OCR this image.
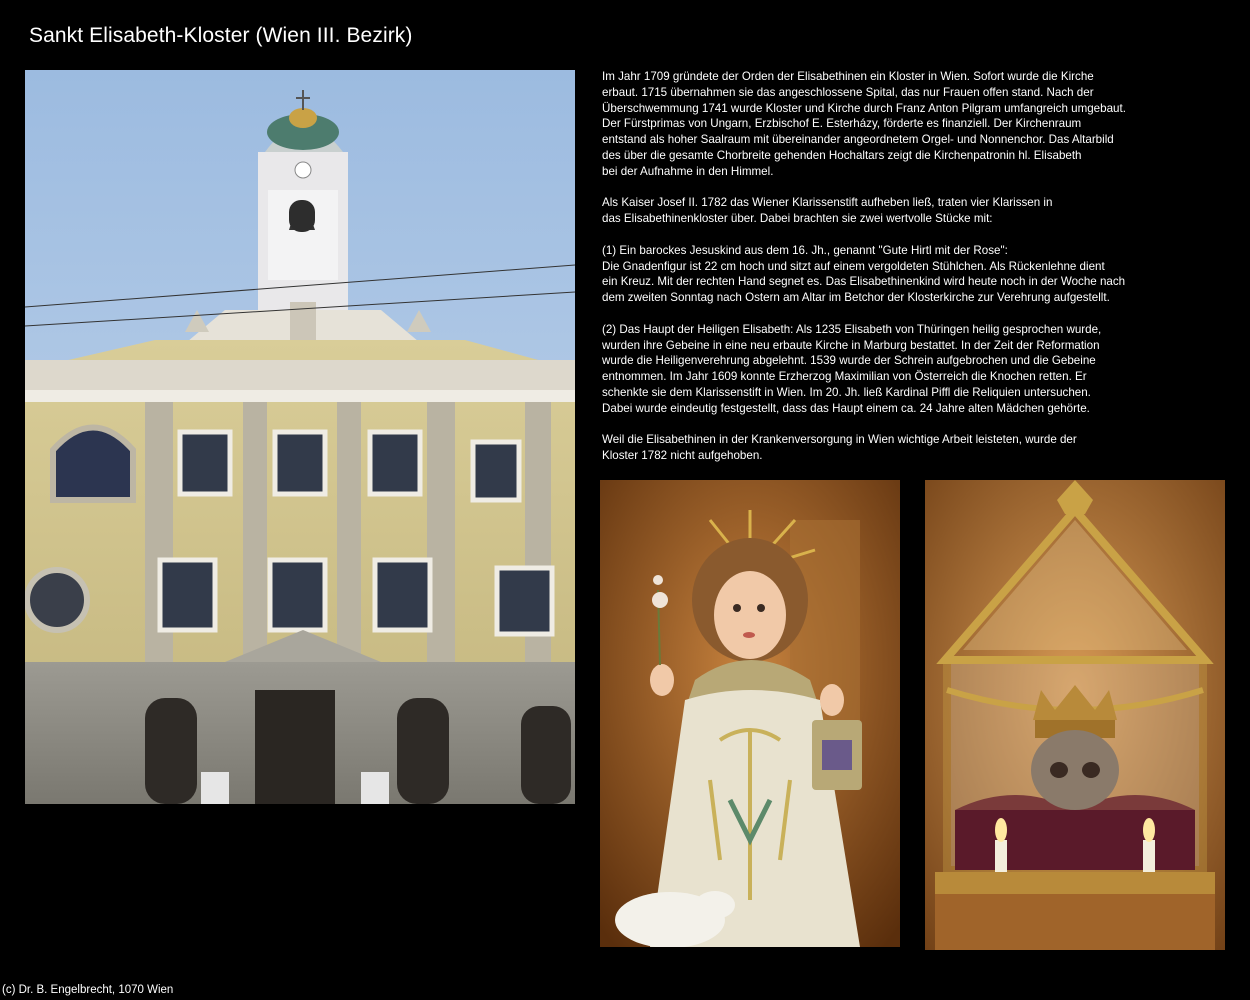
Sankt Elisabeth-Kloster (Wien III. Bezirk)

Im Jahr 1709 gründete der Orden der Elisabethinen ein Kloster in Wien. Sofort wurde die Kirche
erbaut. 1715 übernahmen sie das angeschlossene Spital, das nur Frauen offen stand. Nach der
Überschwemmung 1741 wurde Kloster und Kirche durch Franz Anton Pilgram umfangreich umgebaut.
Der Fürstprimas von Ungarn, Erzbischof E. Esterházy, förderte es finanziell. Der Kirchenraum
entstand als hoher Saalraum mit übereinander angeordnetem Orgel- und Nonnenchor. Das Altarbild
des über die gesamte Chorbreite gehenden Hochaltars zeigt die Kirchenpatronin hl. Elisabeth
bei der Aufnahme in den Himmel.

Als Kaiser Josef II. 1782 das Wiener Klarissenstift aufheben ließ, traten vier Klarissen in
das Elisabethinenkloster über. Dabei brachten sie zwei wertvolle Stücke mit:

(1) Ein barockes Jesuskind aus dem 16. Jh., genannt "Gute Hirtl mit der Rose":
Die Gnadenfigur ist 22 cm hoch und sitzt auf einem vergoldeten Stühlchen. Als Rückenlehne dient
ein Kreuz. Mit der rechten Hand segnet es. Das Elisabethinenkind wird heute noch in der Woche nach
dem zweiten Sonntag nach Ostern am Altar im Betchor der Klosterkirche zur Verehrung aufgestellt.

(2) Das Haupt der Heiligen Elisabeth: Als 1235 Elisabeth von Thüringen heilig gesprochen wurde,
wurden ihre Gebeine in eine neu erbaute Kirche in Marburg bestattet. In der Zeit der Reformation
wurde die Heiligenverehrung abgelehnt. 1539 wurde der Schrein aufgebrochen und die Gebeine
entnommen. Im Jahr 1609 konnte Erzherzog Maximilian von Österreich die Knochen retten. Er
schenkte sie dem Klarissenstift in Wien. Im 20. Jh. ließ Kardinal Piffl die Reliquien untersuchen.
Dabei wurde eindeutig festgestellt, dass das Haupt einem ca. 24 Jahre alten Mädchen gehörte.

Weil die Elisabethinen in der Krankenversorgung in Wien wichtige Arbeit leisteten, wurde der
Kloster 1782 nicht aufgehoben.

(c) Dr. B. Engelbrecht, 1070 Wien
